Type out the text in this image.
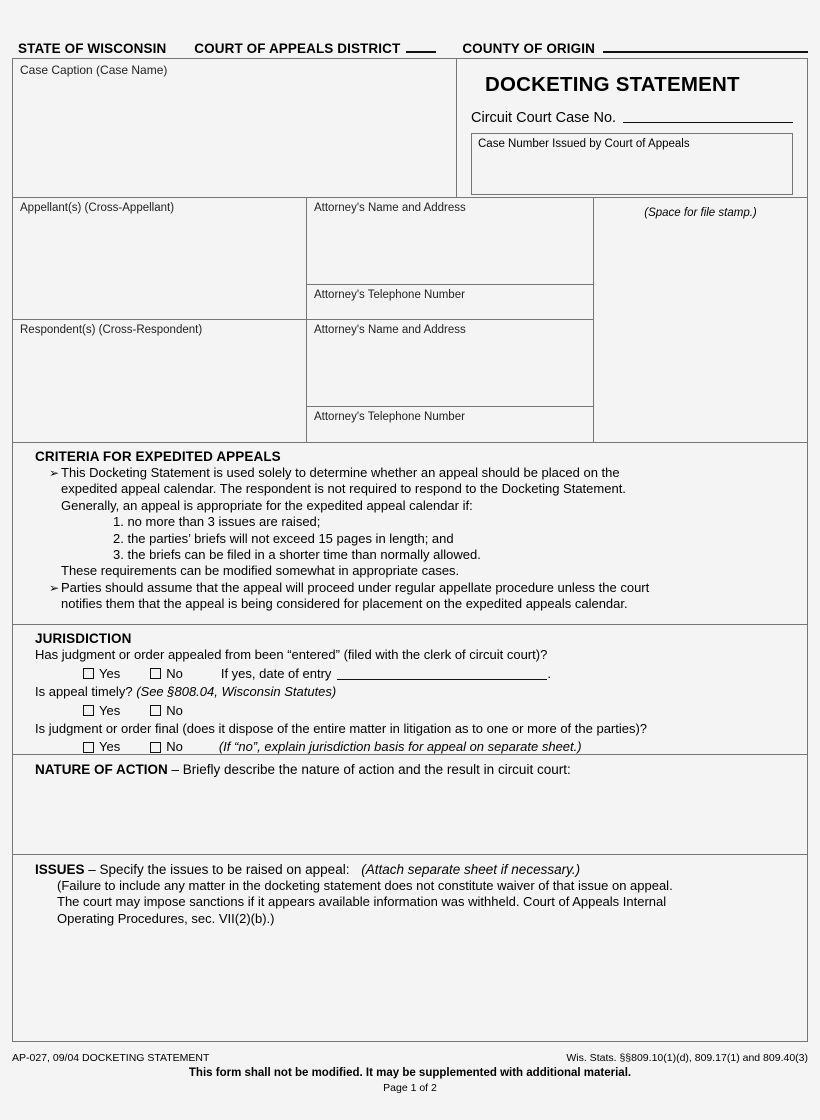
STATE OF WISCONSIN COURT OF APPEALS DISTRICT	COUNTY OF ORIGIN
Case Caption (Case Name)
DOCKETING STATEMENT
Circuit Court Case No.
Case Number Issued by Court of Appeals
Appellant(s) (Cross-Appellant)
Respondent(s) (Cross-Respondent)
Attorney's Name and Address
Attorney's Telephone Number
Attorney's Name and Address
Attorney's Telephone Number
(Space for file stamp.)
CRITERIA FOR EXPEDITED APPEALS
➢ This Docketing Statement is used solely to determine whether an appeal should be placed on the
expedited appeal calendar. The respondent is not required to respond to the Docketing Statement.
Generally, an appeal is appropriate for the expedited appeal calendar if:
1. no more than 3 issues are raised;
2. the parties’ briefs will not exceed 15 pages in length; and
3. the briefs can be filed in a shorter time than normally allowed.
These requirements can be modified somewhat in appropriate cases.
➢ Parties should assume that the appeal will proceed under regular appellate procedure unless the court
notifies them that the appeal is being considered for placement on the expedited appeals calendar.
JURISDICTION
Has judgment or order appealed from been “entered” (filed with the clerk of circuit court)?
Yes	No	If yes, date of entry	.
Is appeal timely? (See §808.04, Wisconsin Statutes)
Yes	No
Is judgment or order final (does it dispose of the entire matter in litigation as to one or more of the parties)?
Yes	No	(If “no”, explain jurisdiction basis for appeal on separate sheet.)
NATURE OF ACTION – Briefly describe the nature of action and the result in circuit court:
ISSUES – Specify the issues to be raised on appeal: (Attach separate sheet if necessary.)
(Failure to include any matter in the docketing statement does not constitute waiver of that issue on appeal.
The court may impose sanctions if it appears available information was withheld. Court of Appeals Internal
Operating Procedures, sec. VII(2)(b).)
AP-027, 09/04 DOCKETING STATEMENT	Wis. Stats. §§809.10(1)(d), 809.17(1) and 809.40(3)
This form shall not be modified. It may be supplemented with additional material.
Page 1 of 2
